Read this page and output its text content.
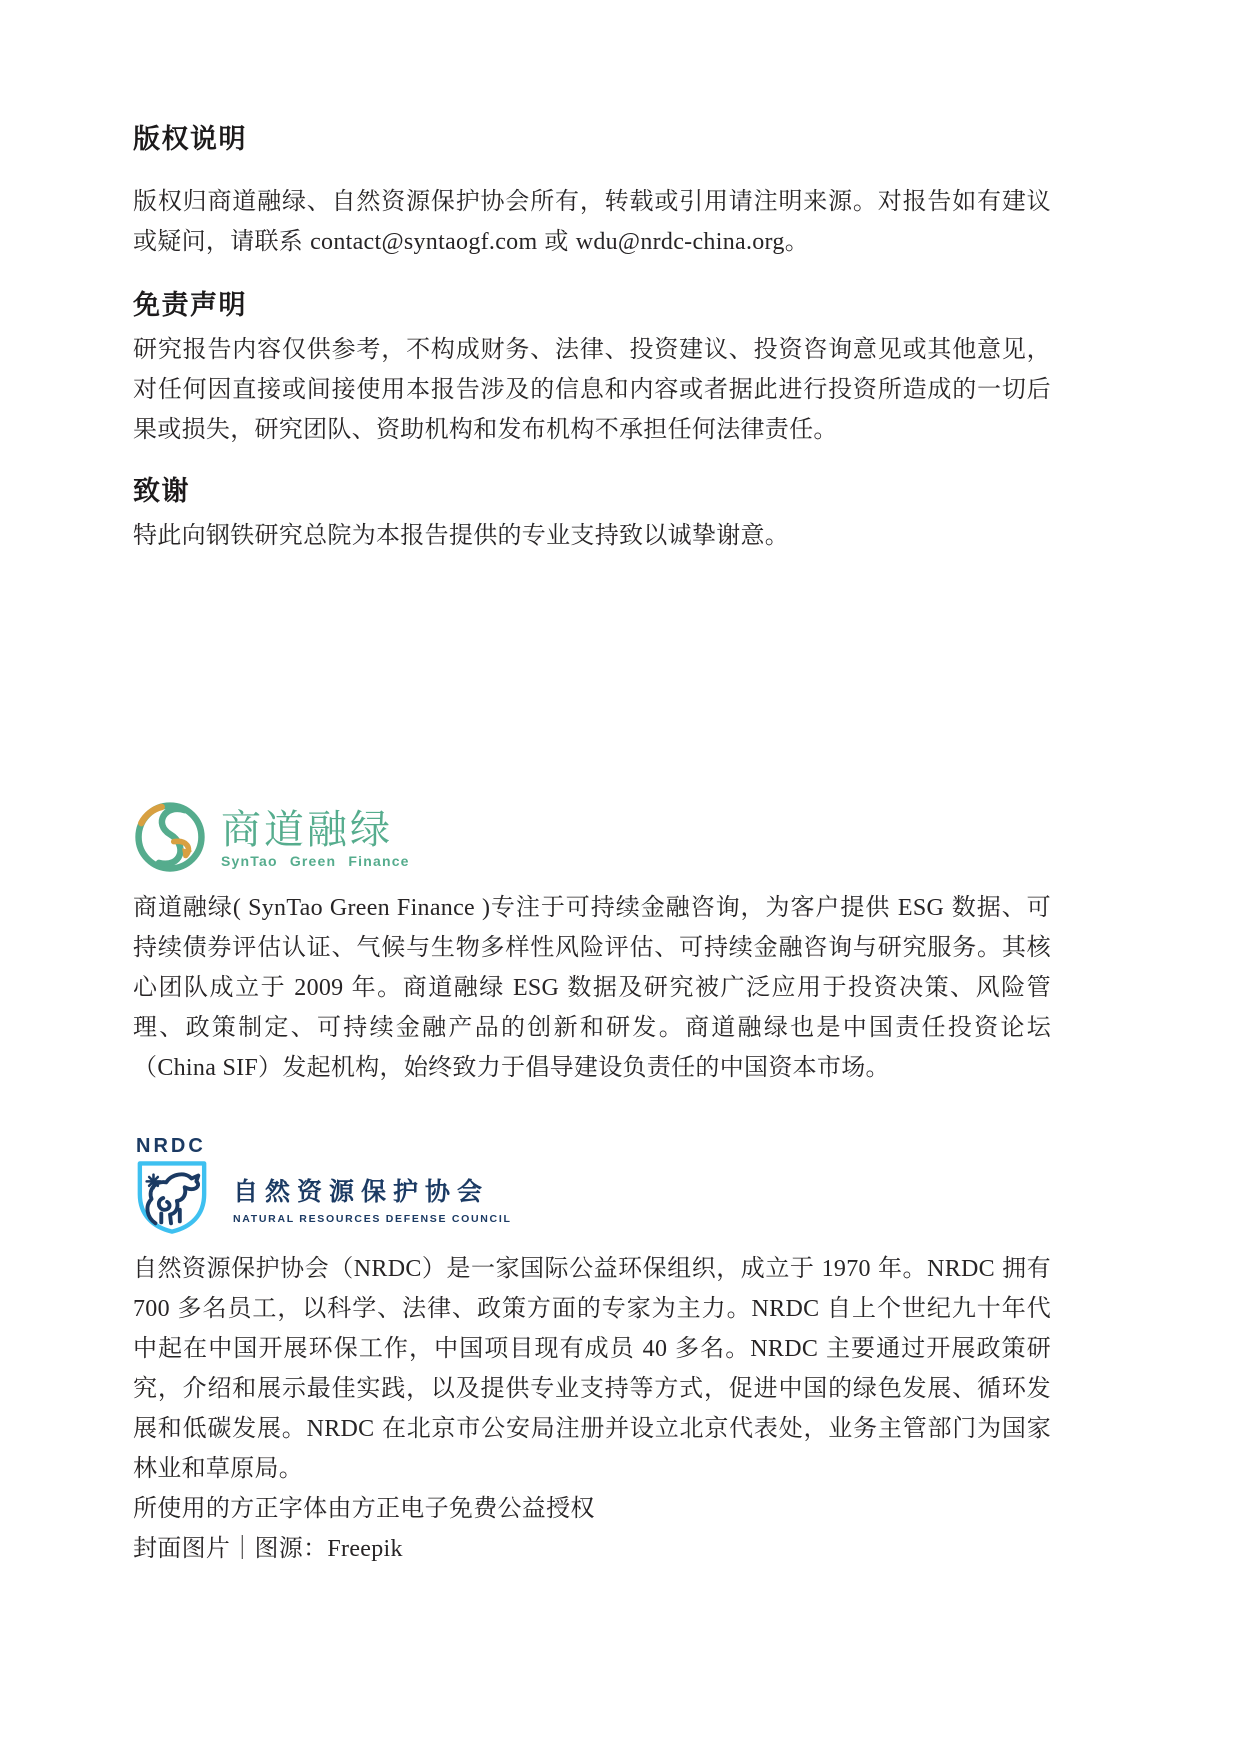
版权说明

版权归商道融绿、自然资源保护协会所有，转载或引用请注明来源。对报告如有建议或疑问，请联系 contact@syntaogf.com 或 wdu@nrdc-china.org。

免责声明

研究报告内容仅供参考，不构成财务、法律、投资建议、投资咨询意见或其他意见，对任何因直接或间接使用本报告涉及的信息和内容或者据此进行投资所造成的一切后果或损失，研究团队、资助机构和发布机构不承担任何法律责任。

致谢

特此向钢铁研究总院为本报告提供的专业支持致以诚挚谢意。

商道融绿
SynTao Green Finance

商道融绿( SynTao Green Finance )专注于可持续金融咨询，为客户提供 ESG 数据、可持续债券评估认证、气候与生物多样性风险评估、可持续金融咨询与研究服务。其核心团队成立于 2009 年。商道融绿 ESG 数据及研究被广泛应用于投资决策、风险管理、政策制定、可持续金融产品的创新和研发。商道融绿也是中国责任投资论坛（China SIF）发起机构，始终致力于倡导建设负责任的中国资本市场。

NRDC
自然资源保护协会
NATURAL RESOURCES DEFENSE COUNCIL

自然资源保护协会（NRDC）是一家国际公益环保组织，成立于 1970 年。NRDC 拥有 700 多名员工，以科学、法律、政策方面的专家为主力。NRDC 自上个世纪九十年代中起在中国开展环保工作，中国项目现有成员 40 多名。NRDC 主要通过开展政策研究，介绍和展示最佳实践，以及提供专业支持等方式，促进中国的绿色发展、循环发展和低碳发展。NRDC 在北京市公安局注册并设立北京代表处，业务主管部门为国家林业和草原局。

所使用的方正字体由方正电子免费公益授权

封面图片｜图源：Freepik
